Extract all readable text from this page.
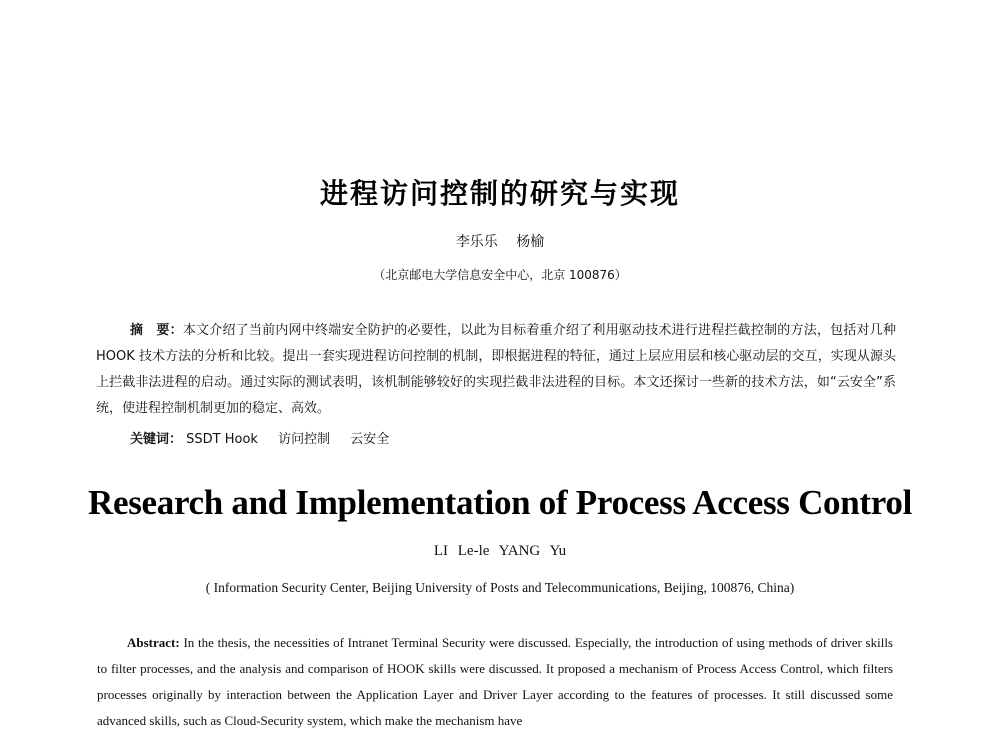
进程访问控制的研究与实现
李乐乐 杨榆
（北京邮电大学信息安全中心，北京 100876）

摘　要：本文介绍了当前内网中终端安全防护的必要性，以此为目标着重介绍了利用驱动技术进行进程拦截控制的方法，包括对几种 HOOK 技术方法的分析和比较。提出一套实现进程访问控制的机制，即根据进程的特征，通过上层应用层和核心驱动层的交互，实现从源头上拦截非法进程的启动。通过实际的测试表明，该机制能够较好的实现拦截非法进程的目标。本文还探讨一些新的技术方法，如“云安全”系统，使进程控制机制更加的稳定、高效。

关键词： SSDT Hook 访问控制 云安全
Research and Implementation of Process Access Control
LI Le-le YANG Yu
( Information Security Center, Beijing University of Posts and Telecommunications, Beijing, 100876, China)

Abstract: In the thesis, the necessities of Intranet Terminal Security were discussed. Especially, the introduction of using methods of driver skills to filter processes, and the analysis and comparison of HOOK skills were discussed. It proposed a mechanism of Process Access Control, which filters processes originally by interaction between the Application Layer and Driver Layer according to the features of processes. It still discussed some advanced skills, such as Cloud-Security system, which make the mechanism have
